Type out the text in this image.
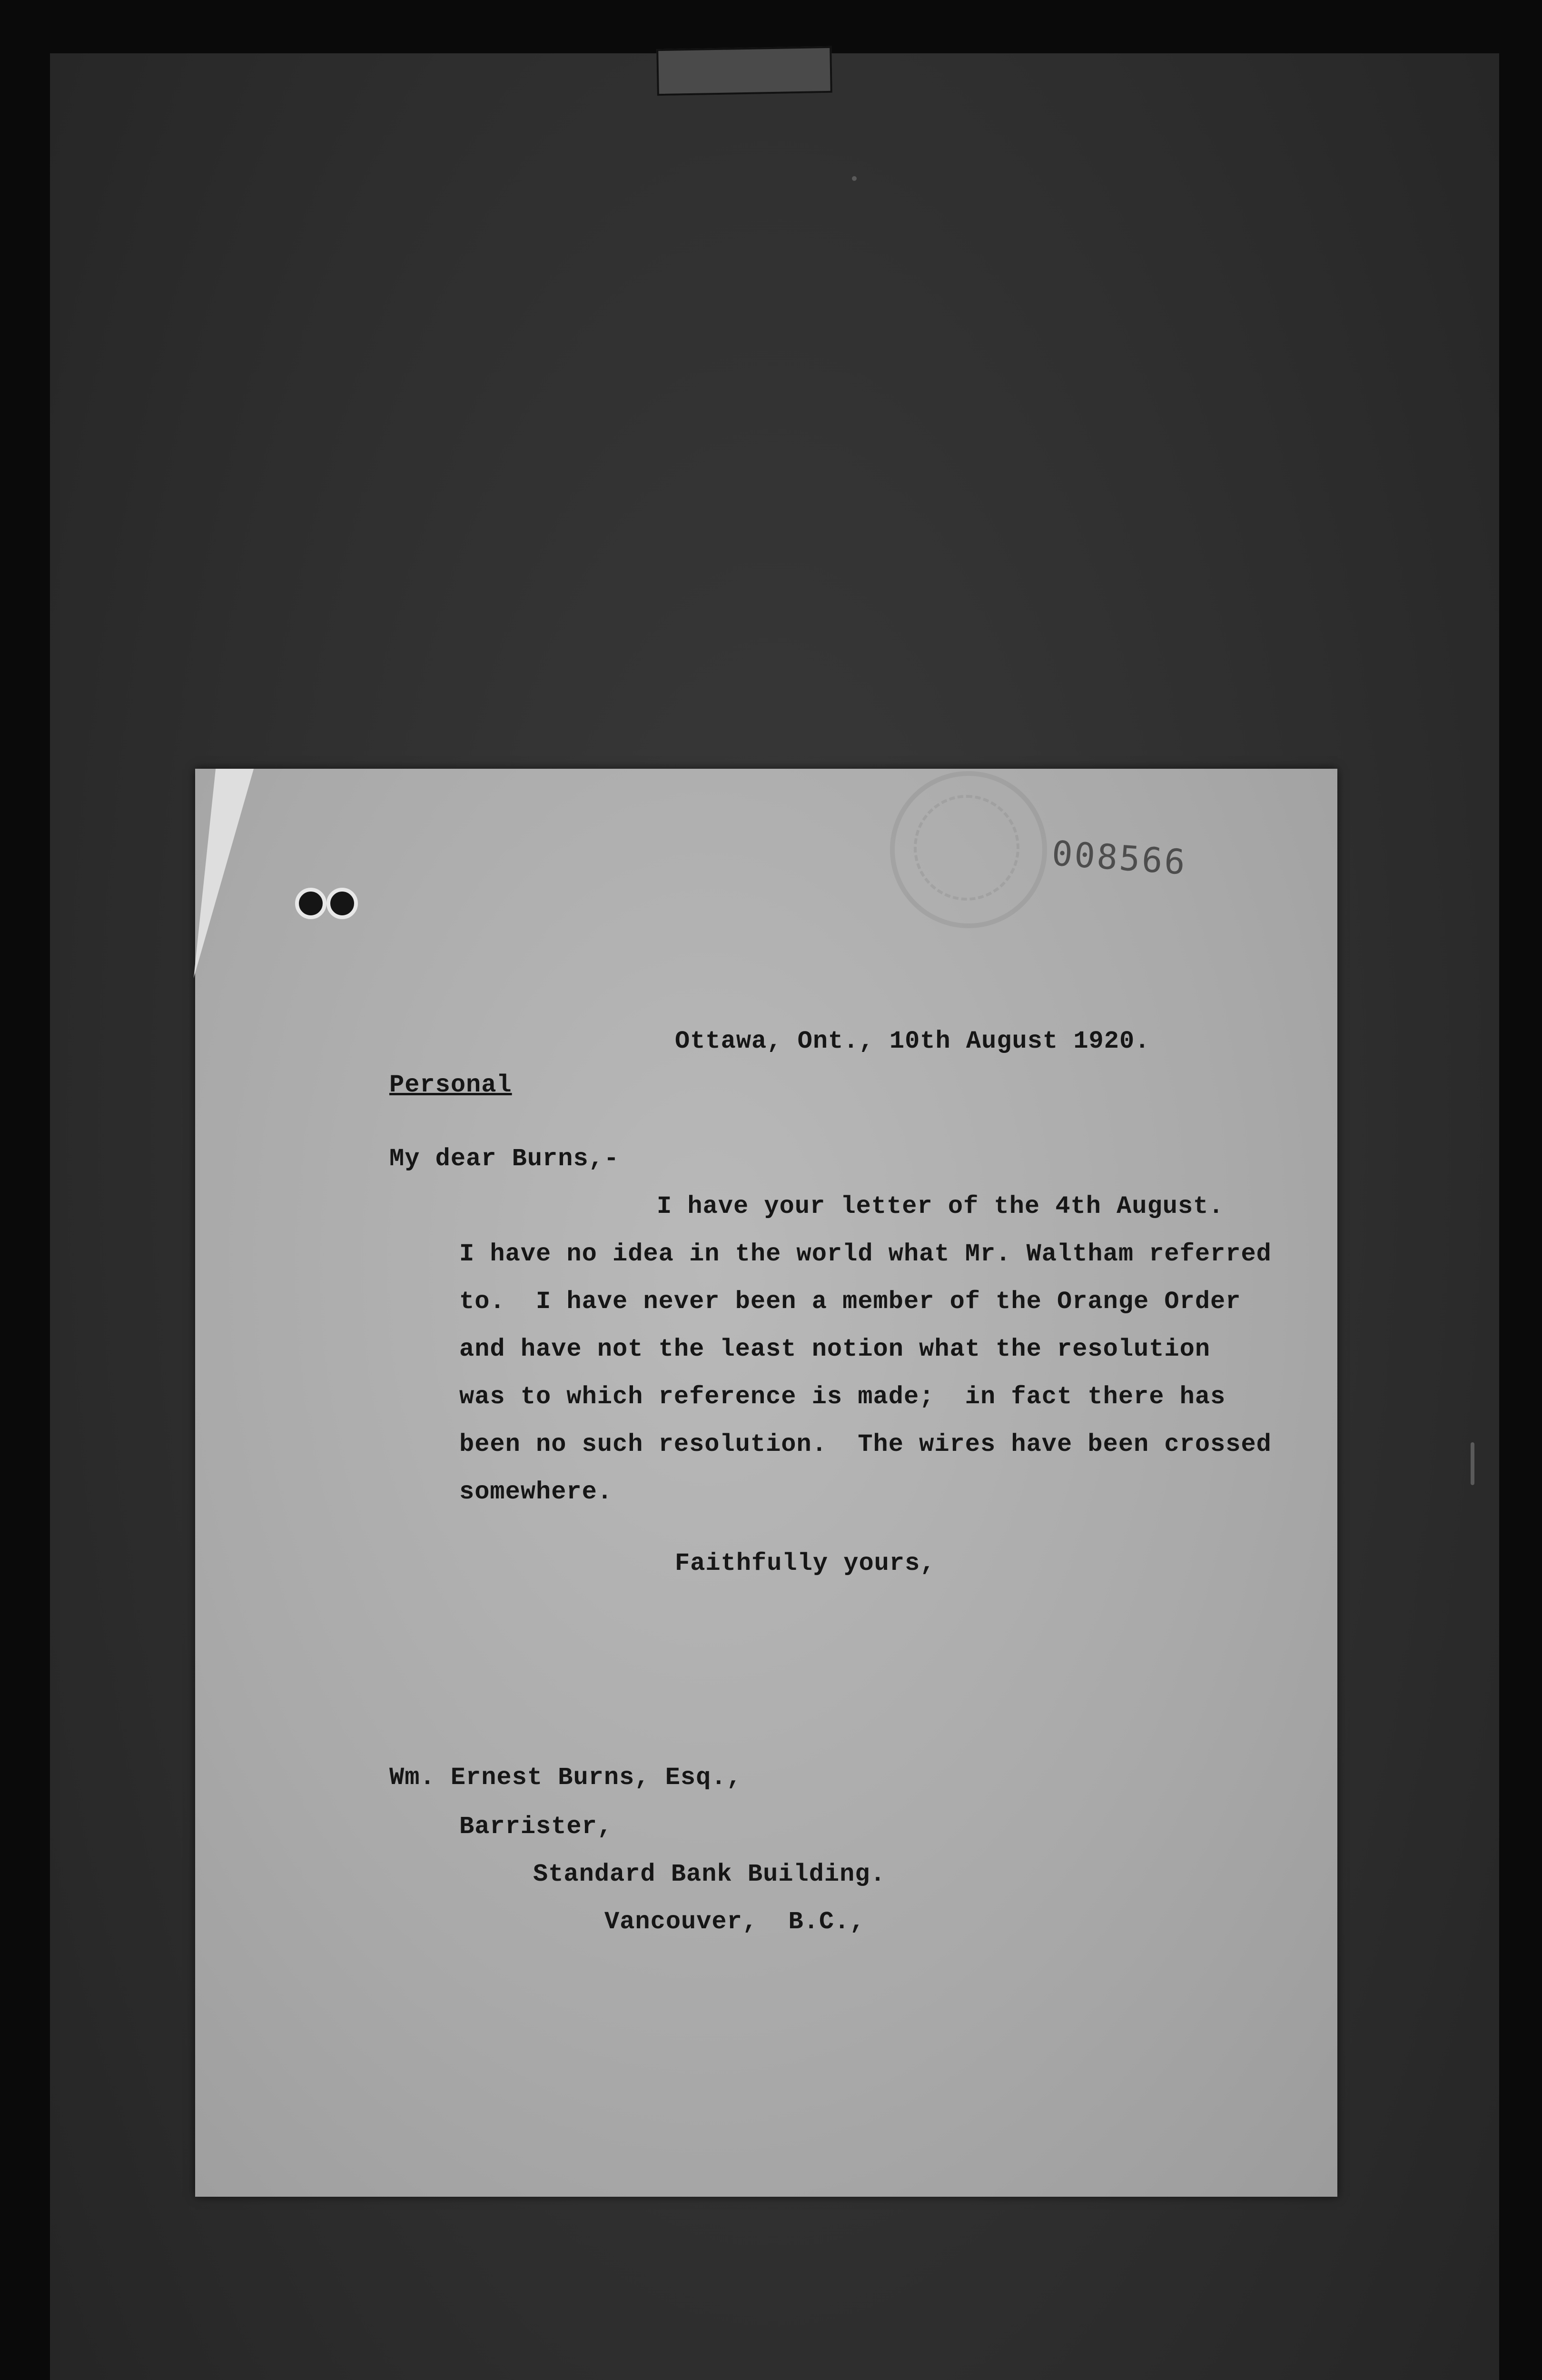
008566
Ottawa, Ont., 10th August 1920.
Personal
My dear Burns,-
I have your letter of the 4th August.
I have no idea in the world what Mr. Waltham referred
to.  I have never been a member of the Orange Order
and have not the least notion what the resolution
was to which reference is made;  in fact there has
been no such resolution.  The wires have been crossed
somewhere.
Faithfully yours,
Wm. Ernest Burns, Esq.,
Barrister,
Standard Bank Building.
Vancouver,  B.C.,
